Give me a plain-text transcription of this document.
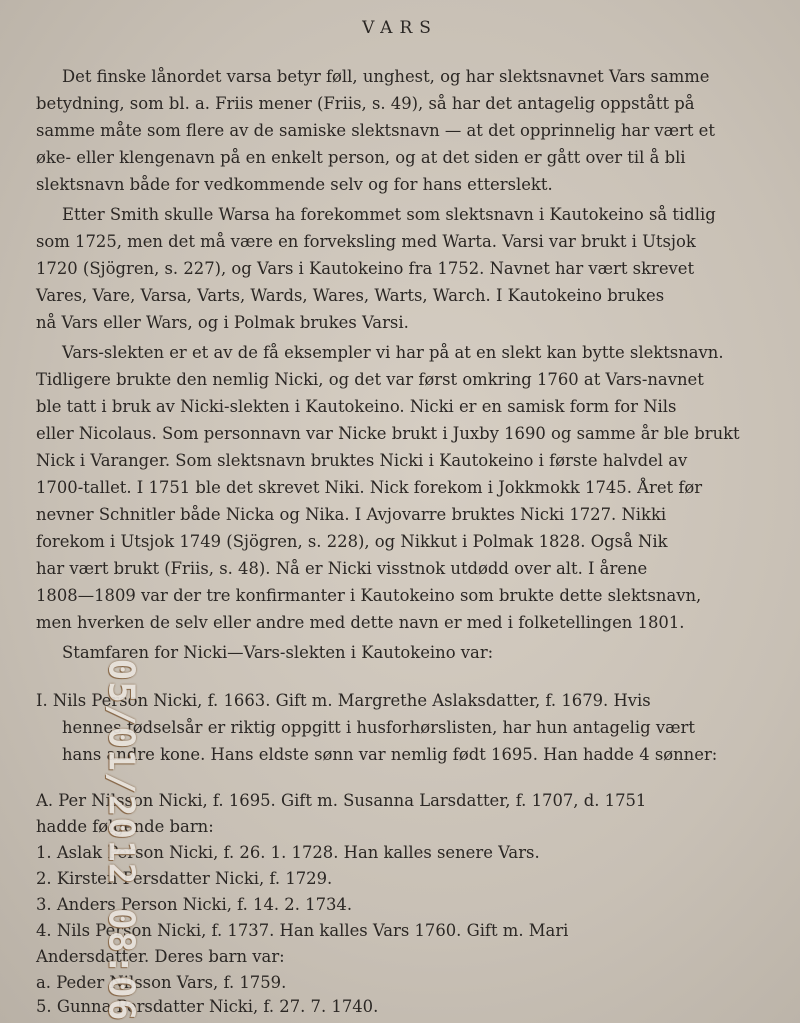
VARS
Det finske lånordet varsa betyr føll, unghest, og har slektsnavnet Vars samme
betydning, som bl. a. Friis mener (Friis, s. 49), så har det antagelig oppstått på
samme måte som flere av de samiske slektsnavn — at det opprinnelig har vært et
øke- eller klengenavn på en enkelt person, og at det siden er gått over til å bli
slektsnavn både for vedkommende selv og for hans etterslekt.
Etter Smith skulle Warsa ha forekommet som slektsnavn i Kautokeino så tidlig
som 1725, men det må være en forveksling med Warta. Varsi var brukt i Utsjok
1720 (Sjögren, s. 227), og Vars i Kautokeino fra 1752. Navnet har vært skrevet
Vares, Vare, Varsa, Varts, Wards, Wares, Warts, Warch. I Kautokeino brukes
nå Vars eller Wars, og i Polmak brukes Varsi.
Vars-slekten er et av de få eksempler vi har på at en slekt kan bytte slektsnavn.
Tidligere brukte den nemlig Nicki, og det var først omkring 1760 at Vars-navnet
ble tatt i bruk av Nicki-slekten i Kautokeino. Nicki er en samisk form for Nils
eller Nicolaus. Som personnavn var Nicke brukt i Juxby 1690 og samme år ble brukt
Nick i Varanger. Som slektsnavn bruktes Nicki i Kautokeino i første halvdel av
1700-tallet. I 1751 ble det skrevet Niki. Nick forekom i Jokkmokk 1745. Året før
nevner Schnitler både Nicka og Nika. I Avjovarre bruktes Nicki 1727. Nikki
forekom i Utsjok 1749 (Sjögren, s. 228), og Nikkut i Polmak 1828. Også Nik
har vært brukt (Friis, s. 48). Nå er Nicki visstnok utdødd over alt. I årene
1808—1809 var der tre konfirmanter i Kautokeino som brukte dette slektsnavn,
men hverken de selv eller andre med dette navn er med i folketellingen 1801.
Stamfaren for Nicki—Vars-slekten i Kautokeino var:
I. Nils Person Nicki, f. 1663. Gift m. Margrethe Aslaksdatter, f. 1679. Hvis
hennes fødselsår er riktig oppgitt i husforhørslisten, har hun antagelig vært
hans andre kone. Hans eldste sønn var nemlig født 1695. Han hadde 4 sønner:
A. Per Nilsson Nicki, f. 1695. Gift m. Susanna Larsdatter, f. 1707, d. 1751
hadde følgende barn:
1. Aslak Person Nicki, f. 26. 1. 1728. Han kalles senere Vars.
2. Kirsten Persdatter Nicki, f. 1729.
3. Anders Person Nicki, f. 14. 2. 1734.
4. Nils Person Nicki, f. 1737. Han kalles Vars 1760. Gift m. Mari
Andersdatter. Deres barn var:
a. Peder Nilsson Vars, f. 1759.
5. Gunna Persdatter Nicki, f. 27. 7. 1740.
05/01/2012 08:06
